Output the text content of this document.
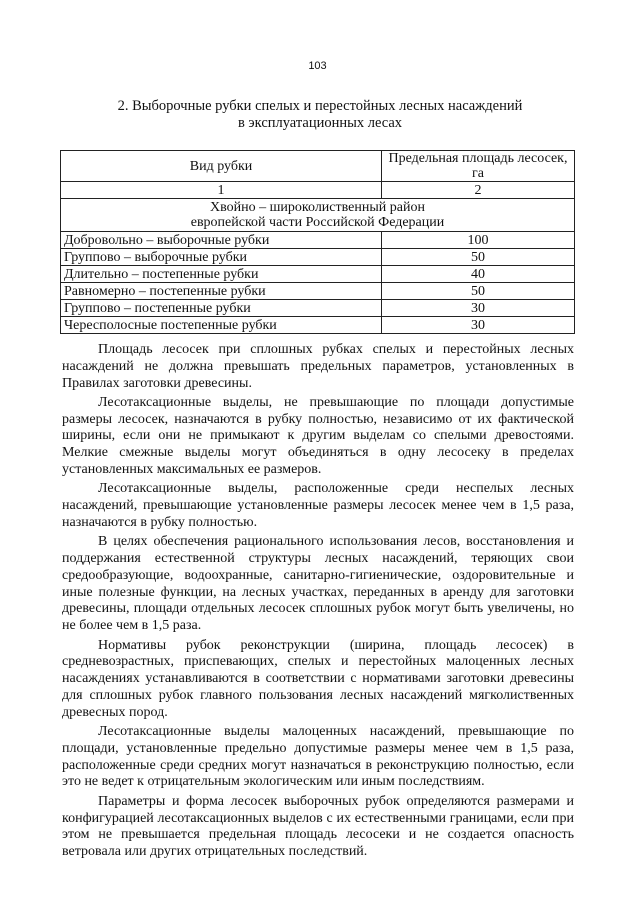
103
2. Выборочные рубки спелых и перестойных лесных насаждений
в эксплуатационных лесах
Вид рубки	Предельная площадь лесосек, га
1	2

Хвойно – широколиственный район
европейской части Российской Федерации	

Добровольно – выборочные рубки	100
Группово – выборочные рубки	50
Длительно – постепенные рубки	40
Равномерно – постепенные рубки	50
Группово – постепенные рубки	30
Чересполосные постепенные рубки	30

Площадь лесосек при сплошных рубках спелых и перестойных лесных насаждений не должна превышать предельных параметров, установленных в Правилах заготовки древесины.

Лесотаксационные выделы, не превышающие по площади допустимые размеры лесосек, назначаются в рубку полностью, независимо от их фактической ширины, если они не примыкают к другим выделам со спелыми древостоями. Мелкие смежные выделы могут объединяться в одну лесосеку в пределах установленных максимальных ее размеров.

Лесотаксационные выделы, расположенные среди неспелых лесных насаждений, превышающие установленные размеры лесосек менее чем в 1,5 раза, назначаются в рубку полностью.

В целях обеспечения рационального использования лесов, восстановления и поддержания естественной структуры лесных насаждений, теряющих свои средообразующие, водоохранные, санитарно-гигиенические, оздоровительные и иные полезные функции, на лесных участках, переданных в аренду для заготовки древесины, площади отдельных лесосек сплошных рубок могут быть увеличены, но не более чем в 1,5 раза.

Нормативы рубок реконструкции (ширина, площадь лесосек) в средневозрастных, приспевающих, спелых и перестойных малоценных лесных насаждениях устанавливаются в соответствии с нормативами заготовки древесины для сплошных рубок главного пользования лесных насаждений мягколиственных древесных пород.

Лесотаксационные выделы малоценных насаждений, превышающие по площади, установленные предельно допустимые размеры менее чем в 1,5 раза, расположенные среди средних могут назначаться в реконструкцию полностью, если это не ведет к отрицательным экологическим или иным последствиям.

Параметры и форма лесосек выборочных рубок определяются размерами и конфигурацией лесотаксационных выделов с их естественными границами, если при этом не превышается предельная площадь лесосеки и не создается опасность ветровала или других отрицательных последствий.
